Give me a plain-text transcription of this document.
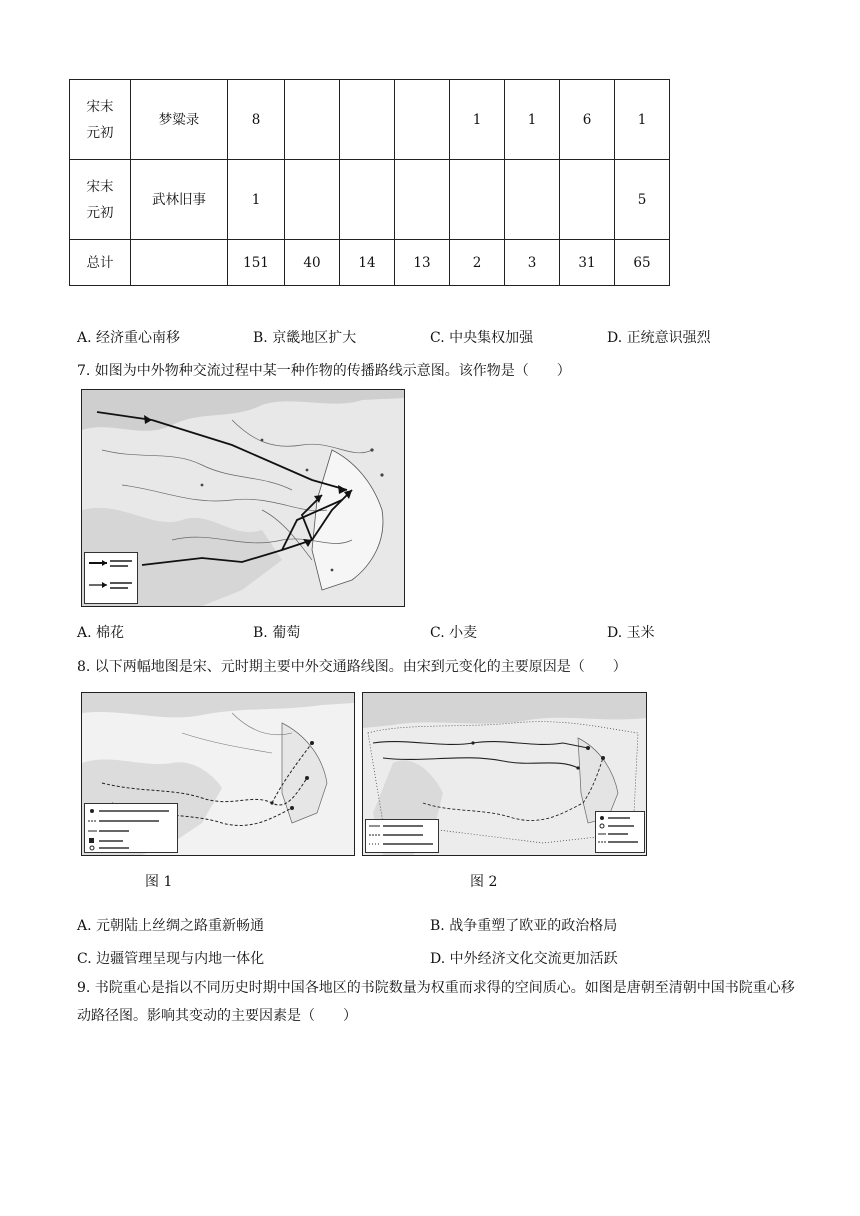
宋末
元初	梦粱录	8				1	1	6	1
宋末
元初	武林旧事	1							5
总计		151	40	14	13	2	3	31	65
A. 经济重心南移	B. 京畿地区扩大	C. 中央集权加强	D. 正统意识强烈
7. 如图为中外物种交流过程中某一种作物的传播路线示意图。该作物是（　　）
A. 棉花	B. 葡萄	C. 小麦	D. 玉米
8. 以下两幅地图是宋、元时期主要中外交通路线图。由宋到元变化的主要原因是（　　）
图 1	图 2
A. 元朝陆上丝绸之路重新畅通	B. 战争重塑了欧亚的政治格局
C. 边疆管理呈现与内地一体化	D. 中外经济文化交流更加活跃
9. 书院重心是指以不同历史时期中国各地区的书院数量为权重而求得的空间质心。如图是唐朝至清朝中国书院重心移动路径图。影响其变动的主要因素是（　　）
